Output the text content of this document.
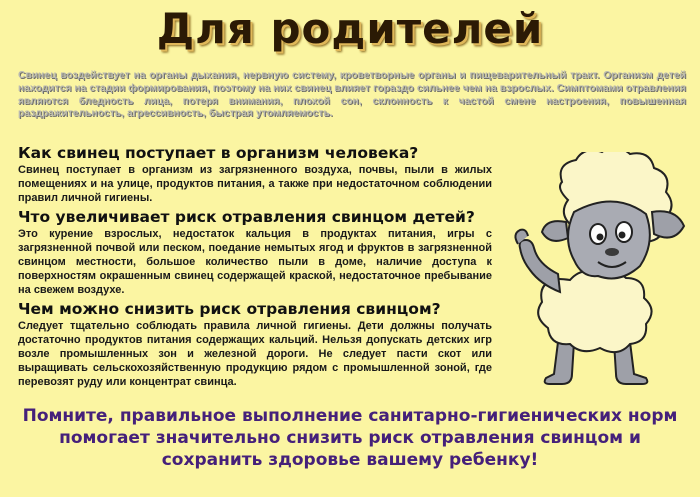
Для родителей
Свинец воздействует на органы дыхания, нервную систему, кроветворные органы и пищеварительный тракт. Организм детей находится на стадии формирования, поэтому на них свинец влияет гораздо сильнее чем на взрослых. Симптомами отравления являются бледность лица, потеря внимания, плохой сон, склонность к частой смене настроения, повышенная раздражительность, агрессивность, быстрая утомляемость.

Как свинец поступает в организм человека?

Свинец поступает в организм из загрязненного воздуха, почвы, пыли в жилых помещениях и на улице, продуктов питания, а также при недостаточном соблюдении правил личной гигиены.

Что увеличивает риск отравления свинцом детей?

Это курение взрослых, недостаток кальция в продуктах питания, игры с загрязненной почвой или песком, поедание немытых ягод и фруктов в загрязненной свинцом местности, большое количество пыли в доме, наличие доступа к поверхностям окрашенным свинец содержащей краской, недостаточное пребывание на свежем воздухе.

Чем можно снизить риск отравления свинцом?

Следует тщательно соблюдать правила личной гигиены. Дети должны получать достаточно продуктов питания содержащих кальций. Нельзя допускать детских игр возле промышленных зон и железной дороги. Не следует пасти скот или выращивать сельскохозяйственную продукцию рядом с промышленной зоной, где перевозят руду или концентрат свинца.

Помните, правильное выполнение санитарно-гигиенических норм помогает значительно снизить риск отравления свинцом и сохранить здоровье вашему ребенку!
